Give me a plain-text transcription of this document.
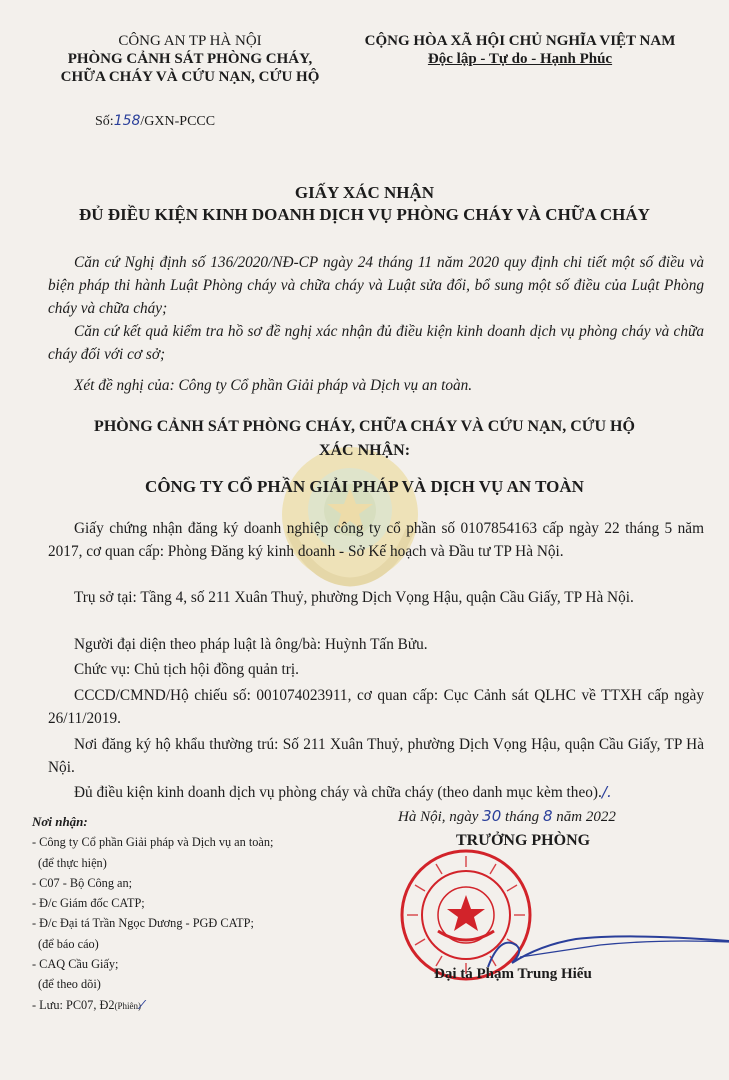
CÔNG AN TP HÀ NỘI
PHÒNG CẢNH SÁT PHÒNG CHÁY,
CHỮA CHÁY VÀ CỨU NẠN, CỨU HỘ
CỘNG HÒA XÃ HỘI CHỦ NGHĨA VIỆT NAM
Độc lập - Tự do - Hạnh Phúc
Số:158/GXN-PCCC
GIẤY XÁC NHẬN
ĐỦ ĐIỀU KIỆN KINH DOANH DỊCH VỤ PHÒNG CHÁY VÀ CHỮA CHÁY
Căn cứ Nghị định số 136/2020/NĐ-CP ngày 24 tháng 11 năm 2020 quy định chi tiết một số điều và biện pháp thi hành Luật Phòng cháy và chữa cháy và Luật sửa đổi, bổ sung một số điều của Luật Phòng cháy và chữa cháy;
Căn cứ kết quả kiểm tra hồ sơ đề nghị xác nhận đủ điều kiện kinh doanh dịch vụ phòng cháy và chữa cháy đối với cơ sở;
Xét đề nghị của: Công ty Cổ phần Giải pháp và Dịch vụ an toàn.
PHÒNG CẢNH SÁT PHÒNG CHÁY, CHỮA CHÁY VÀ CỨU NẠN, CỨU HỘ
XÁC NHẬN:
CÔNG TY CỔ PHẦN GIẢI PHÁP VÀ DỊCH VỤ AN TOÀN
Giấy chứng nhận đăng ký doanh nghiệp công ty cổ phần số 0107854163 cấp ngày 22 tháng 5 năm 2017, cơ quan cấp: Phòng Đăng ký kinh doanh - Sở Kế hoạch và Đầu tư TP Hà Nội.
Trụ sở tại: Tầng 4, số 211 Xuân Thuỷ, phường Dịch Vọng Hậu, quận Cầu Giấy, TP Hà Nội.
Người đại diện theo pháp luật là ông/bà: Huỳnh Tấn Bửu.
Chức vụ: Chủ tịch hội đồng quản trị.
CCCD/CMND/Hộ chiếu số: 001074023911, cơ quan cấp: Cục Cảnh sát QLHC về TTXH cấp ngày 26/11/2019.
Nơi đăng ký hộ khẩu thường trú: Số 211 Xuân Thuỷ, phường Dịch Vọng Hậu, quận Cầu Giấy, TP Hà Nội.
Đủ điều kiện kinh doanh dịch vụ phòng cháy và chữa cháy (theo danh mục kèm theo)./.
Nơi nhận:
- Công ty Cổ phần Giải pháp và Dịch vụ an toàn;
(để thực hiện)
- C07 - Bộ Công an;
- Đ/c Giám đốc CATP;
- Đ/c Đại tá Trần Ngọc Dương - PGĐ CATP;
(để báo cáo)
- CAQ Cầu Giấy;
(để theo dõi)
- Lưu: PC07, Đ2(Phiên)⁄
Hà Nội, ngày 30 tháng 8 năm 2022
TRƯỞNG PHÒNG
Đại tá Phạm Trung Hiếu
